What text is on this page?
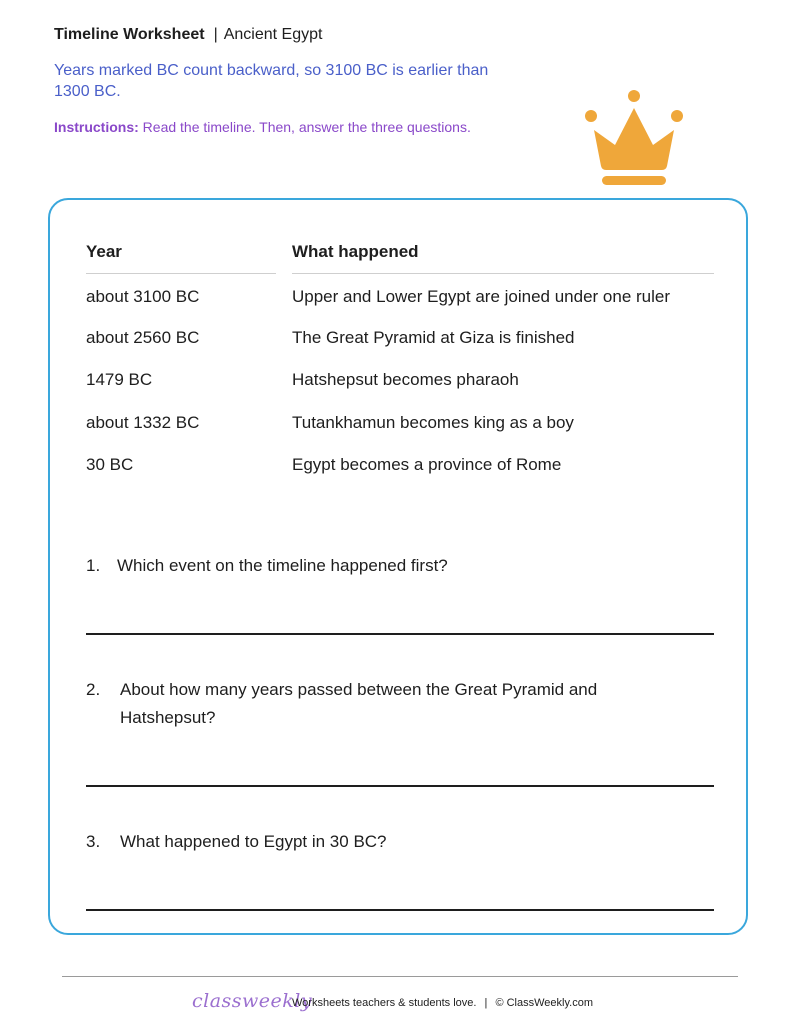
Timeline Worksheet | Ancient Egypt
Years marked BC count backward, so 3100 BC is earlier than 1300 BC.
Instructions: Read the timeline. Then, answer the three questions.
Year	What happened
about 3100 BC	Upper and Lower Egypt are joined under one ruler
about 2560 BC	The Great Pyramid at Giza is finished
1479 BC	Hatshepsut becomes pharaoh
about 1332 BC	Tutankhamun becomes king as a boy
30 BC	Egypt becomes a province of Rome
1. Which event on the timeline happened first?
2. About how many years passed between the Great Pyramid and Hatshepsut?
3. What happened to Egypt in 30 BC?
classweekly
Worksheets teachers & students love. | © ClassWeekly.com
